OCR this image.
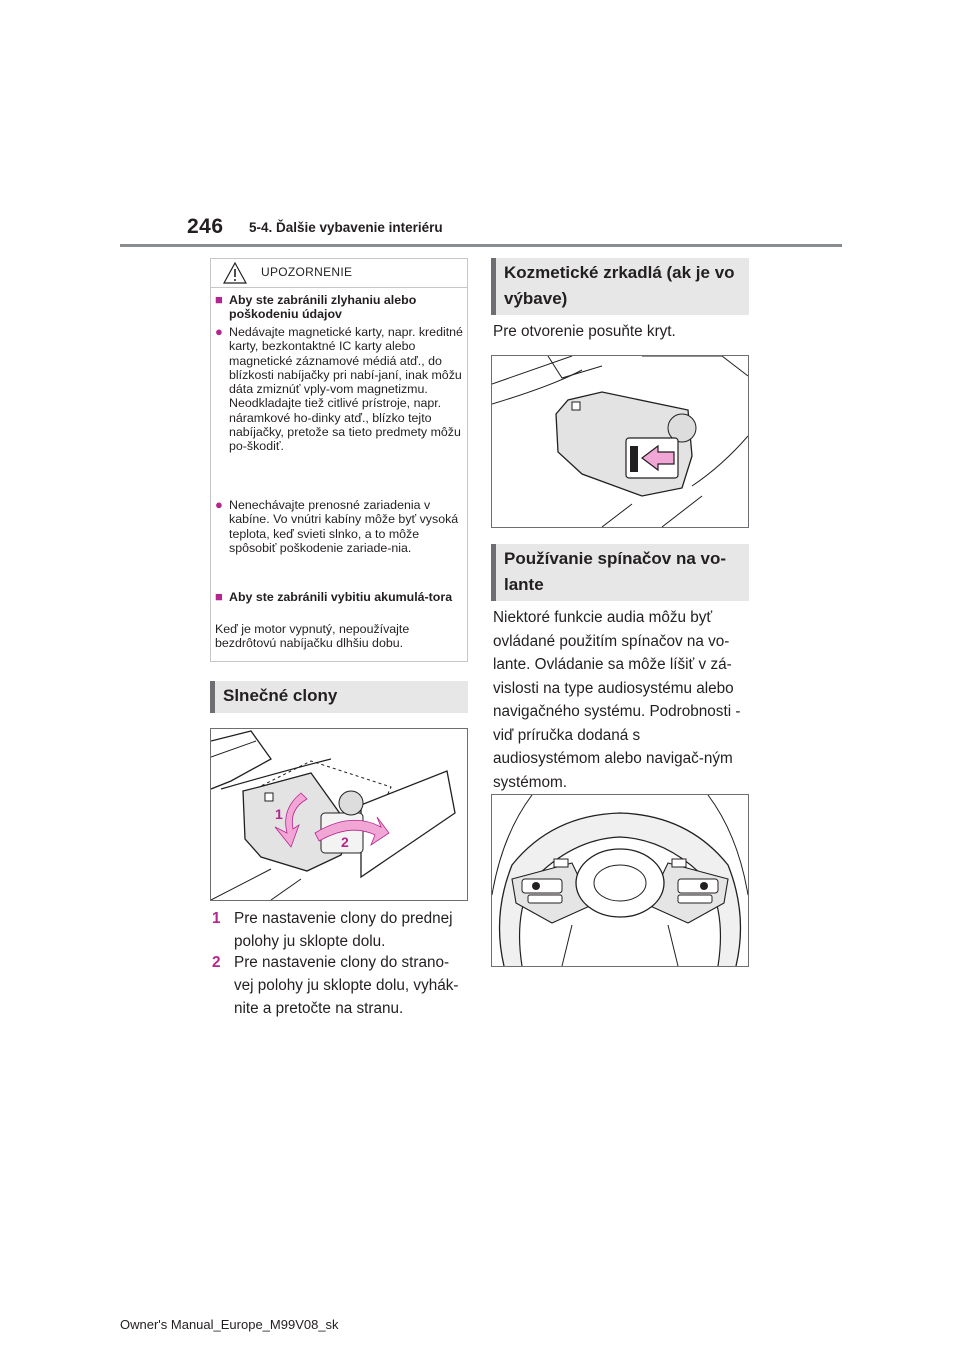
246 5-4. Ďalšie vybavenie interiéru
UPOZORNENIE
■ Aby ste zabránili zlyhaniu alebo poškodeniu údajov
● Nedávajte magnetické karty, napr. kreditné karty, bezkontaktné IC karty alebo magnetické záznamové médiá atď., do blízkosti nabíjačky pri nabí-janí, inak môžu dáta zmiznúť vply-vom magnetizmu. Neodkladajte tiež citlivé prístroje, napr. náramkové ho-dinky atď., blízko tejto nabíjačky, pretože sa tieto predmety môžu po-škodiť.
● Nenechávajte prenosné zariadenia v kabíne. Vo vnútri kabíny môže byť vysoká teplota, keď svieti slnko, a to môže spôsobiť poškodenie zariade-nia.
■ Aby ste zabránili vybitiu akumulá-tora
Keď je motor vypnutý, nepoužívajte bezdrôtovú nabíjačku dlhšiu dobu.
Slnečné clony
1
2
1 Pre nastavenie clony do prednej polohy ju sklopte dolu.
2 Pre nastavenie clony do strano-vej polohy ju sklopte dolu, vyhák-nite a pretočte na stranu.
Kozmetické zrkadlá (ak je vo výbave)
Pre otvorenie posuňte kryt.
Používanie spínačov na vo-lante
Niektoré funkcie audia môžu byť ovládané použitím spínačov na vo-lante. Ovládanie sa môže líšiť v zá-vislosti na type audiosystému alebo navigačného systému. Podrobnosti - viď príručka dodaná s audiosystémom alebo navigač-ným systémom.
Owner's Manual_Europe_M99V08_sk
